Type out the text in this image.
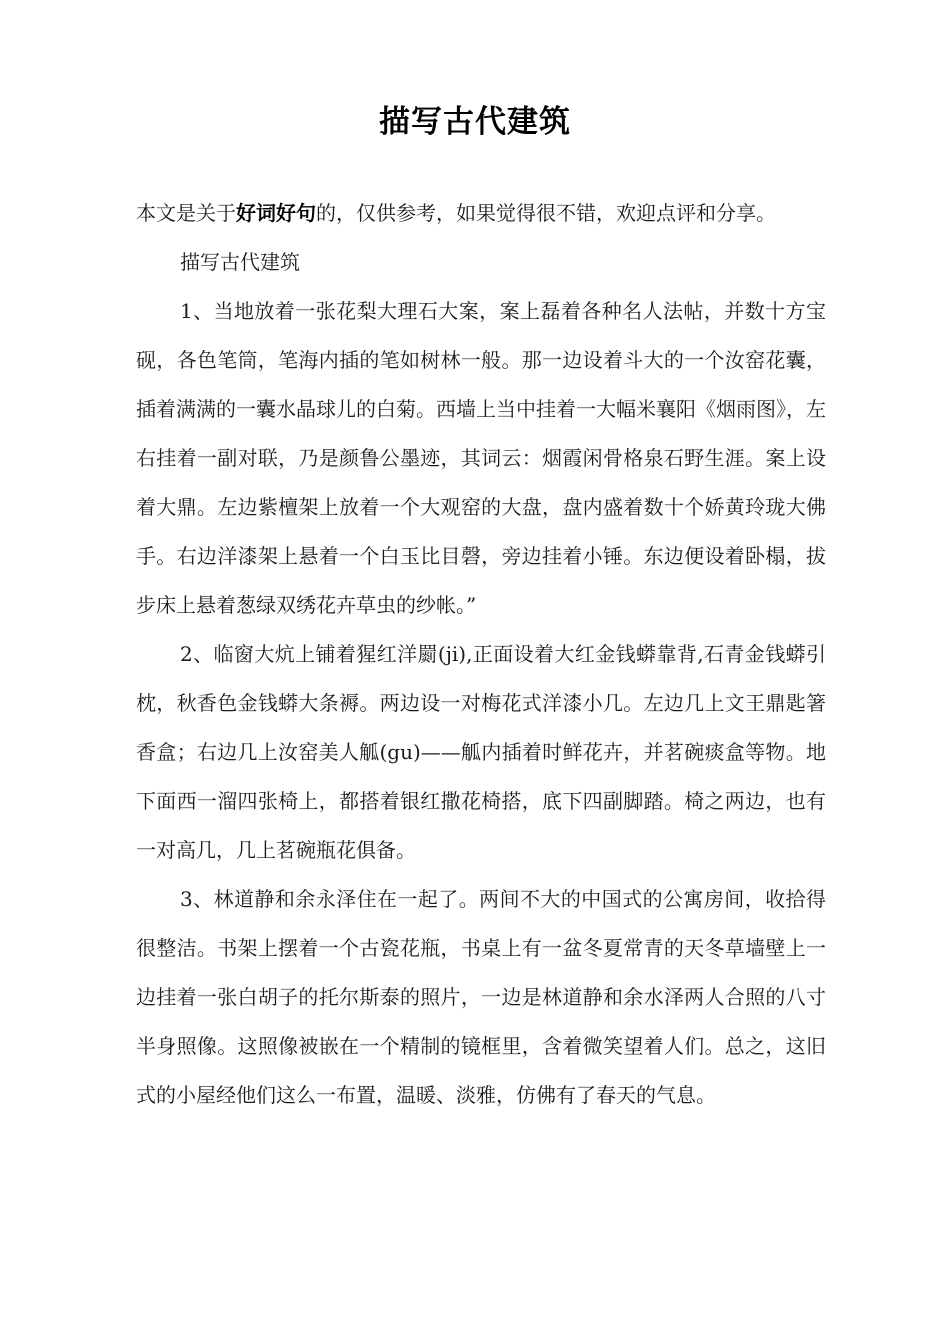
描写古代建筑

本文是关于好词好句的，仅供参考，如果觉得很不错，欢迎点评和分享。

描写古代建筑

1、当地放着一张花梨大理石大案，案上磊着各种名人法帖，并数十方宝砚，各色笔筒，笔海内插的笔如树林一般。那一边设着斗大的一个汝窑花囊，插着满满的一囊水晶球儿的白菊。西墙上当中挂着一大幅米襄阳《烟雨图》，左右挂着一副对联，乃是颜鲁公墨迹，其词云：烟霞闲骨格泉石野生涯。案上设着大鼎。左边紫檀架上放着一个大观窑的大盘，盘内盛着数十个娇黄玲珑大佛手。右边洋漆架上悬着一个白玉比目磬，旁边挂着小锤。东边便设着卧榻，拔步床上悬着葱绿双绣花卉草虫的纱帐。”

2、临窗大炕上铺着猩红洋罽(ji),正面设着大红金钱蟒靠背,石青金钱蟒引枕，秋香色金钱蟒大条褥。两边设一对梅花式洋漆小几。左边几上文王鼎匙箸香盒；右边几上汝窑美人觚(gu)——觚内插着时鲜花卉，并茗碗痰盒等物。地下面西一溜四张椅上，都搭着银红撒花椅搭，底下四副脚踏。椅之两边，也有一对高几，几上茗碗瓶花俱备。

3、林道静和余永泽住在一起了。两间不大的中国式的公寓房间，收拾得很整洁。书架上摆着一个古瓷花瓶，书桌上有一盆冬夏常青的天冬草墙壁上一边挂着一张白胡子的托尔斯泰的照片，一边是林道静和余水泽两人合照的八寸半身照像。这照像被嵌在一个精制的镜框里，含着微笑望着人们。总之，这旧式的小屋经他们这么一布置，温暖、淡雅，仿佛有了春天的气息。
